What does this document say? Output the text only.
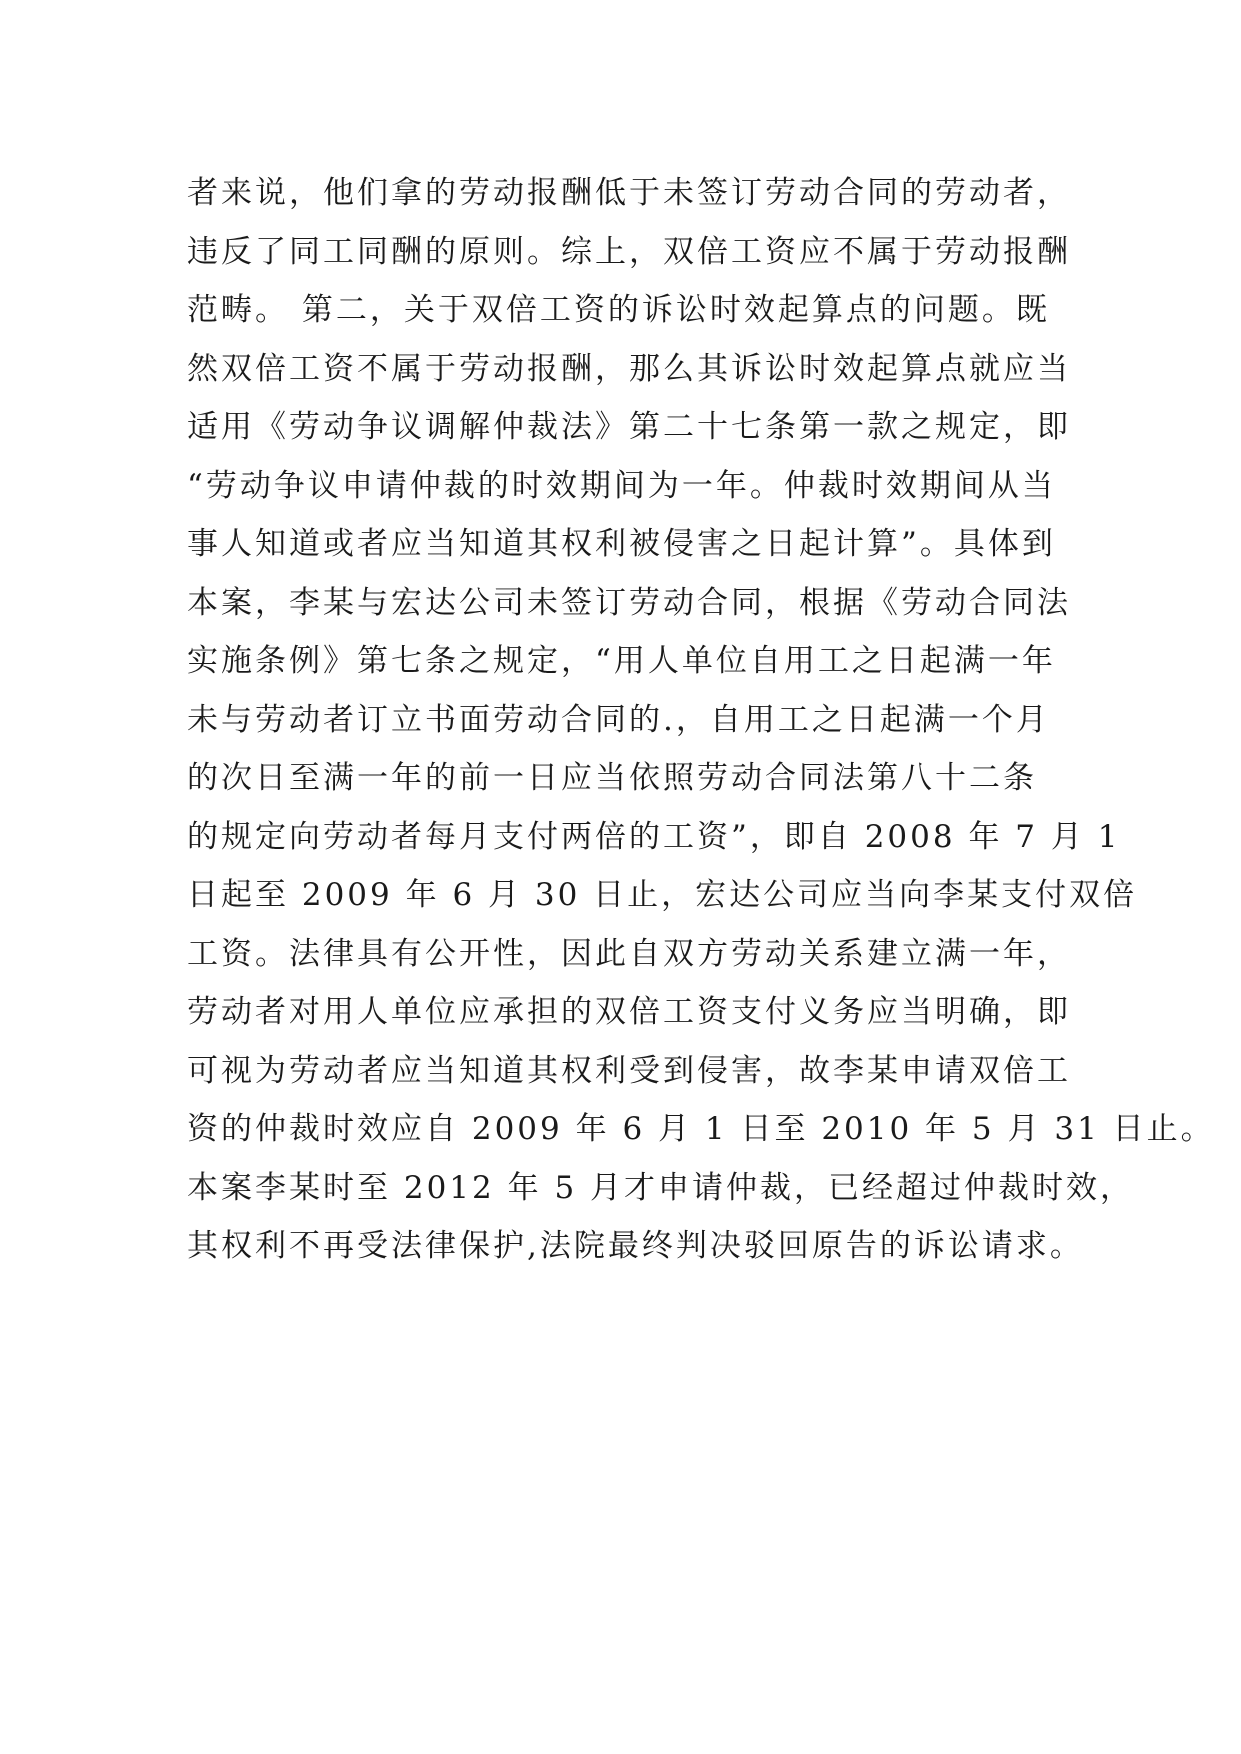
者来说，他们拿的劳动报酬低于未签订劳动合同的劳动者，
违反了同工同酬的原则。综上，双倍工资应不属于劳动报酬
范畴。 第二，关于双倍工资的诉讼时效起算点的问题。既
然双倍工资不属于劳动报酬，那么其诉讼时效起算点就应当
适用《劳动争议调解仲裁法》第二十七条第一款之规定，即
“劳动争议申请仲裁的时效期间为一年。仲裁时效期间从当
事人知道或者应当知道其权利被侵害之日起计算”。具体到
本案，李某与宏达公司未签订劳动合同，根据《劳动合同法
实施条例》第七条之规定，“用人单位自用工之日起满一年
未与劳动者订立书面劳动合同的.，自用工之日起满一个月
的次日至满一年的前一日应当依照劳动合同法第八十二条
的规定向劳动者每月支付两倍的工资”，即自 2008 年 7 月 1
日起至 2009 年 6 月 30 日止，宏达公司应当向李某支付双倍
工资。法律具有公开性，因此自双方劳动关系建立满一年，
劳动者对用人单位应承担的双倍工资支付义务应当明确，即
可视为劳动者应当知道其权利受到侵害，故李某申请双倍工
资的仲裁时效应自 2009 年 6 月 1 日至 2010 年 5 月 31 日止。
本案李某时至 2012 年 5 月才申请仲裁，已经超过仲裁时效，
其权利不再受法律保护,法院最终判决驳回原告的诉讼请求。
